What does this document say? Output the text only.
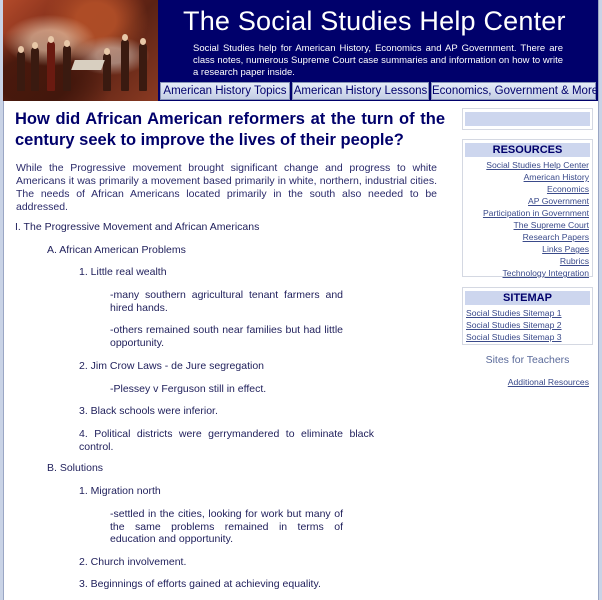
The Social Studies Help Center
Social Studies help for American History, Economics and AP Government. There are class notes, numerous Supreme Court case summaries and information on how to write a research paper inside.
American History Topics American History Lessons Economics, Government & More
How did African American reformers at the turn of the century seek to improve the lives of their people?

While the Progressive movement brought significant change and progress to white Americans it was primarily a movement based primarily in white, northern, industrial cities. The needs of African Americans located primarily in the south also needed to be addressed.

I. The Progressive Movement and African Americans
A. African American Problems
1. Little real wealth
-many southern agricultural tenant farmers and hired hands.
-others remained south near families but had little opportunity.
2. Jim Crow Laws - de Jure segregation
-Plessey v Ferguson still in effect.
3. Black schools were inferior.
4. Political districts were gerrymandered to eliminate black control.
B. Solutions
1. Migration north
-settled in the cities, looking for work but many of the same problems remained in terms of education and opportunity.
2. Church involvement.
3. Beginnings of efforts gained at achieving equality.
RESOURCES
Social Studies Help Center
American History
Economics
AP Government
Participation in Government
The Supreme Court
Research Papers
Links Pages
Rubrics
Technology Integration
SITEMAP
Social Studies Sitemap 1
Social Studies Sitemap 2
Social Studies Sitemap 3
Sites for Teachers
Additional Resources
